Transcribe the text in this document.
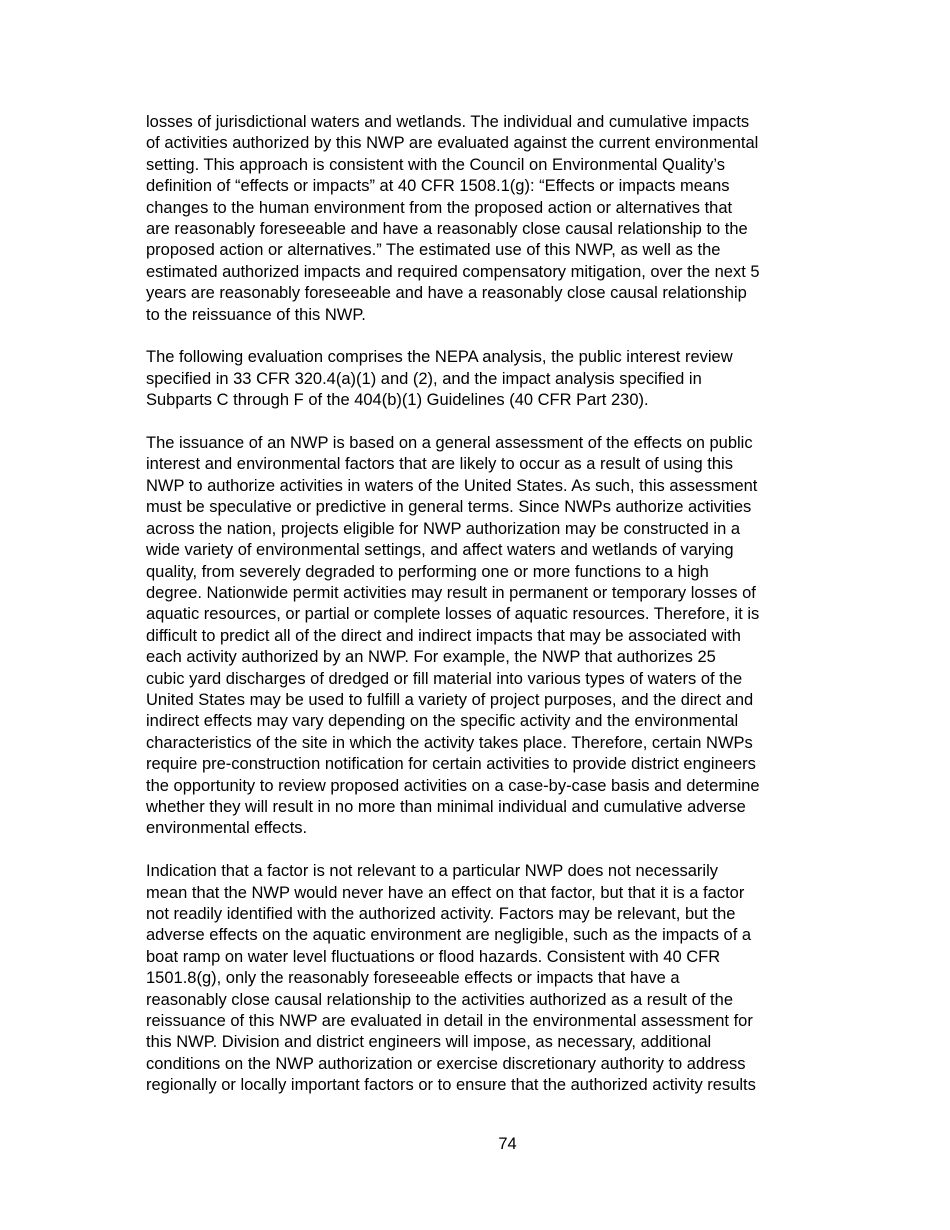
losses of jurisdictional waters and wetlands. The individual and cumulative impacts
of activities authorized by this NWP are evaluated against the current environmental
setting. This approach is consistent with the Council on Environmental Quality’s
definition of “effects or impacts” at 40 CFR 1508.1(g): “Effects or impacts means
changes to the human environment from the proposed action or alternatives that
are reasonably foreseeable and have a reasonably close causal relationship to the
proposed action or alternatives.” The estimated use of this NWP, as well as the
estimated authorized impacts and required compensatory mitigation, over the next 5
years are reasonably foreseeable and have a reasonably close causal relationship
to the reissuance of this NWP.

The following evaluation comprises the NEPA analysis, the public interest review
specified in 33 CFR 320.4(a)(1) and (2), and the impact analysis specified in
Subparts C through F of the 404(b)(1) Guidelines (40 CFR Part 230).

The issuance of an NWP is based on a general assessment of the effects on public
interest and environmental factors that are likely to occur as a result of using this
NWP to authorize activities in waters of the United States. As such, this assessment
must be speculative or predictive in general terms. Since NWPs authorize activities
across the nation, projects eligible for NWP authorization may be constructed in a
wide variety of environmental settings, and affect waters and wetlands of varying
quality, from severely degraded to performing one or more functions to a high
degree. Nationwide permit activities may result in permanent or temporary losses of
aquatic resources, or partial or complete losses of aquatic resources. Therefore, it is
difficult to predict all of the direct and indirect impacts that may be associated with
each activity authorized by an NWP. For example, the NWP that authorizes 25
cubic yard discharges of dredged or fill material into various types of waters of the
United States may be used to fulfill a variety of project purposes, and the direct and
indirect effects may vary depending on the specific activity and the environmental
characteristics of the site in which the activity takes place. Therefore, certain NWPs
require pre-construction notification for certain activities to provide district engineers
the opportunity to review proposed activities on a case-by-case basis and determine
whether they will result in no more than minimal individual and cumulative adverse
environmental effects.

Indication that a factor is not relevant to a particular NWP does not necessarily
mean that the NWP would never have an effect on that factor, but that it is a factor
not readily identified with the authorized activity. Factors may be relevant, but the
adverse effects on the aquatic environment are negligible, such as the impacts of a
boat ramp on water level fluctuations or flood hazards. Consistent with 40 CFR
1501.8(g), only the reasonably foreseeable effects or impacts that have a
reasonably close causal relationship to the activities authorized as a result of the
reissuance of this NWP are evaluated in detail in the environmental assessment for
this NWP. Division and district engineers will impose, as necessary, additional
conditions on the NWP authorization or exercise discretionary authority to address
regionally or locally important factors or to ensure that the authorized activity results

74
